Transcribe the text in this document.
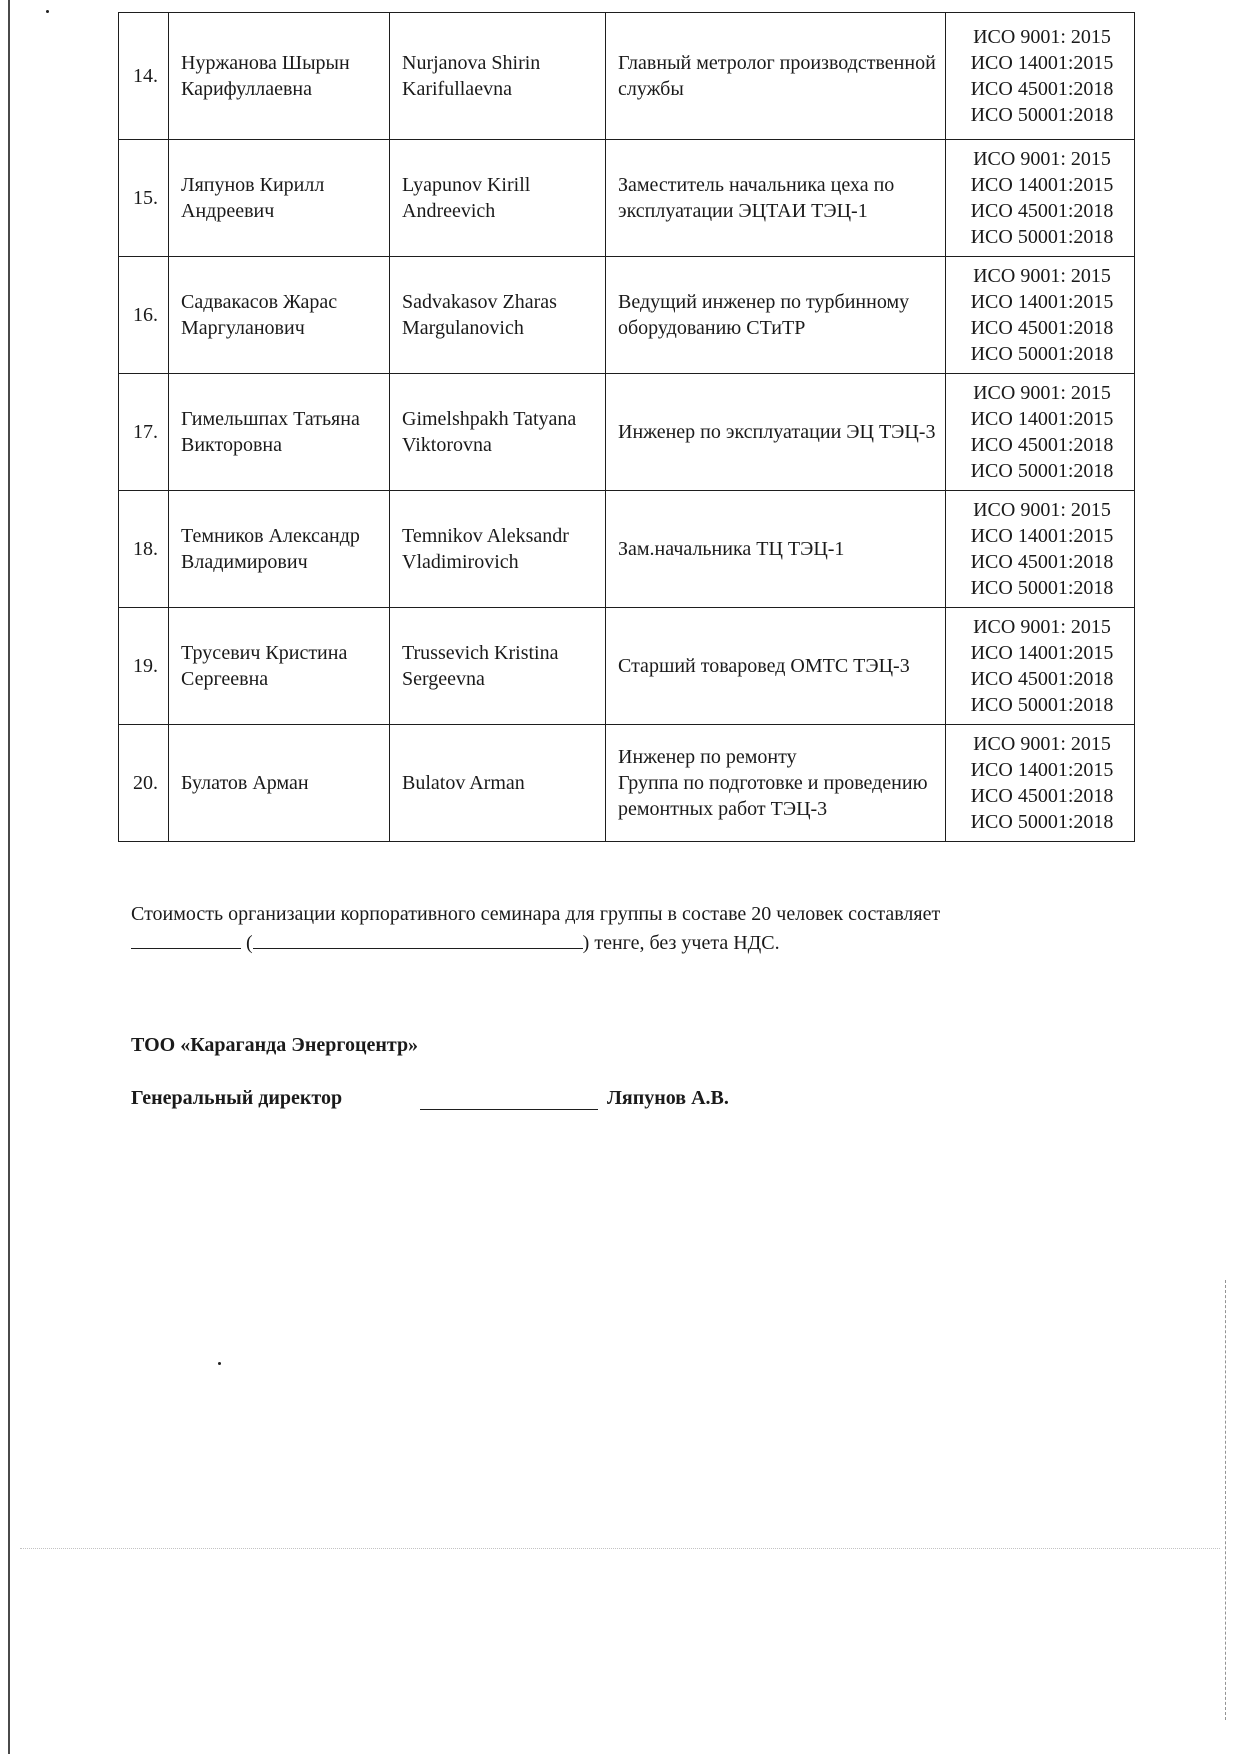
14.	Нуржанова Шырын Карифуллаевна	Nurjanova Shirin Karifullaevna	Главный метролог производственной службы	ИСО 9001: 2015
ИСО 14001:2015
ИСО 45001:2018
ИСО 50001:2018

15.	Ляпунов Кирилл Андреевич	Lyapunov Kirill Andreevich	Заместитель начальника цеха по эксплуатации ЭЦТАИ ТЭЦ-1	ИСО 9001: 2015
ИСО 14001:2015
ИСО 45001:2018
ИСО 50001:2018

16.	Садвакасов Жарас Маргуланович	Sadvakasov Zharas Margulanovich	Ведущий инженер по турбинному оборудованию СТиТР	ИСО 9001: 2015
ИСО 14001:2015
ИСО 45001:2018
ИСО 50001:2018

17.	Гимельшпах Татьяна Викторовна	Gimelshpakh Tatyana Viktorovna	Инженер по эксплуатации ЭЦ ТЭЦ-3	ИСО 9001: 2015
ИСО 14001:2015
ИСО 45001:2018
ИСО 50001:2018

18.	Темников Александр Владимирович	Temnikov Aleksandr Vladimirovich	Зам.начальника ТЦ ТЭЦ-1	ИСО 9001: 2015
ИСО 14001:2015
ИСО 45001:2018
ИСО 50001:2018

19.	Трусевич Кристина Сергеевна	Trussevich Kristina Sergeevna	Старший товаровед ОМТС ТЭЦ-3	ИСО 9001: 2015
ИСО 14001:2015
ИСО 45001:2018
ИСО 50001:2018

20.	Булатов Арман	Bulatov Arman	Инженер по ремонту
Группа по подготовке и проведению ремонтных работ ТЭЦ-3	ИСО 9001: 2015
ИСО 14001:2015
ИСО 45001:2018
ИСО 50001:2018
Стоимость организации корпоративного семинара для группы в составе 20 человек составляет
(	) тенге, без учета НДС.
ТОО «Караганда Энергоцентр»
Генеральный директор	Ляпунов А.В.
